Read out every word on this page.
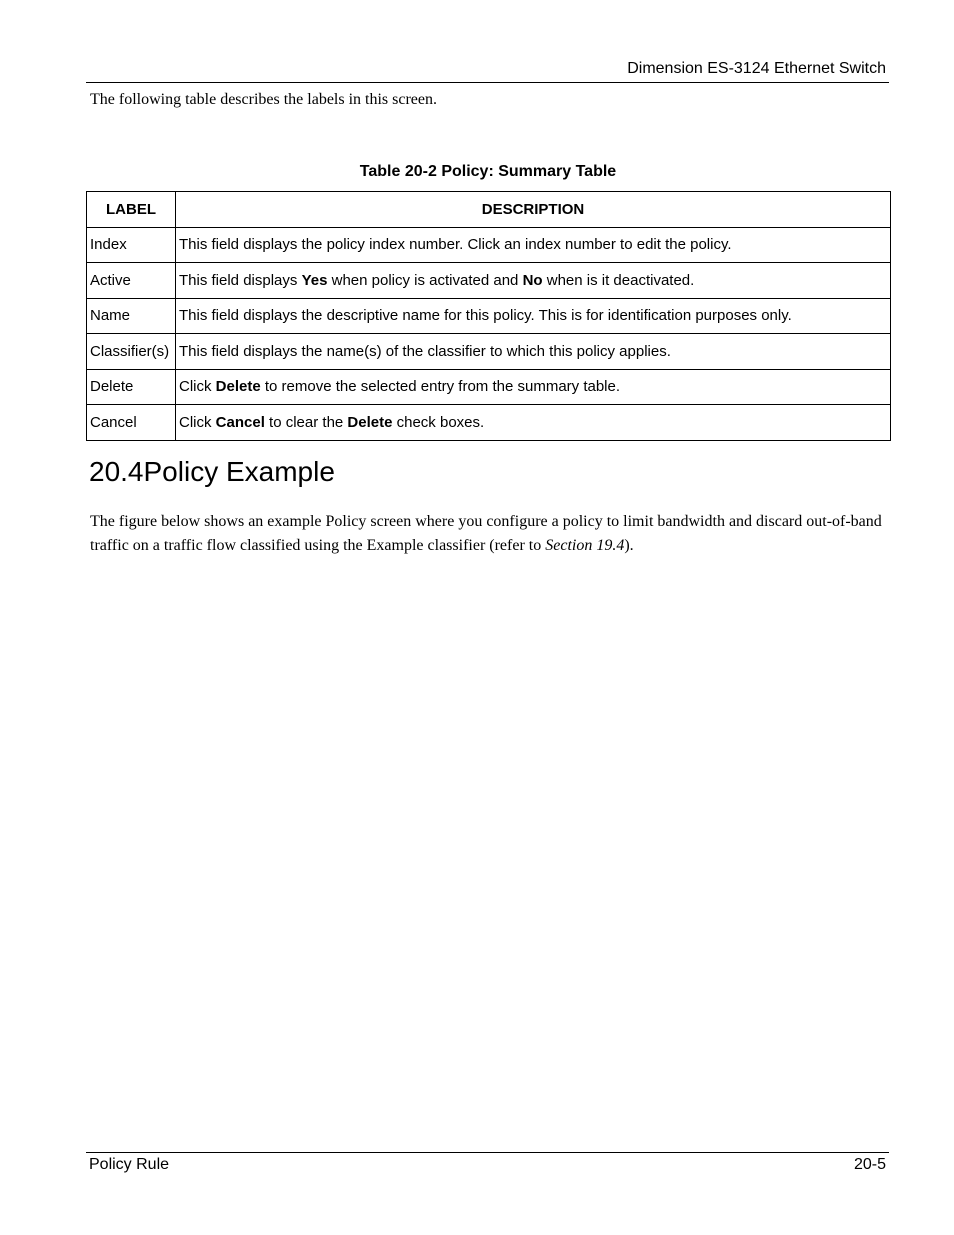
Dimension ES-3124 Ethernet Switch

The following table describes the labels in this screen.

Table 20-2 Policy: Summary Table
LABEL	DESCRIPTION
Index	This field displays the policy index number. Click an index number to edit the policy.
Active	This field displays Yes when policy is activated and No when is it deactivated.
Name	This field displays the descriptive name for this policy. This is for identification purposes only.
Classifier(s)	This field displays the name(s) of the classifier to which this policy applies.
Delete	Click Delete to remove the selected entry from the summary table.
Cancel	Click Cancel to clear the Delete check boxes.
20.4Policy Example

The figure below shows an example Policy screen where you configure a policy to limit bandwidth and discard out-of-band traffic on a traffic flow classified using the Example classifier (refer to Section 19.4).

Policy Rule	20-5
